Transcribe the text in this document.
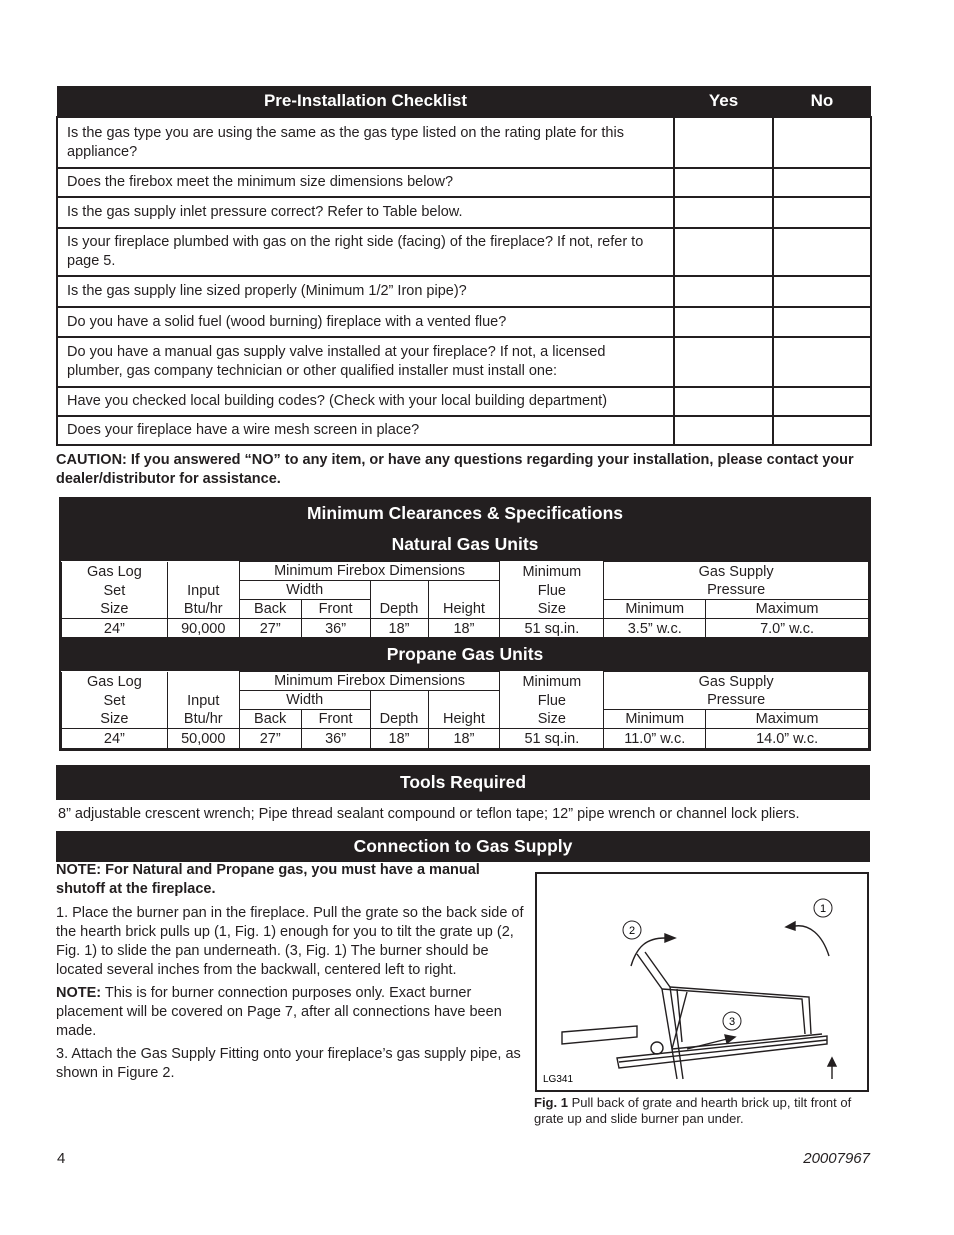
Pre-Installation Checklist	Yes	No
Is the gas type you are using the same as the gas type listed on the rating plate for this appliance?		
Does the firebox meet the minimum size dimensions below?		
Is the gas supply inlet pressure correct? Refer to Table below.		
Is your fireplace plumbed with gas on the right side (facing) of the fireplace? If not, refer to page 5.		
Is the gas supply line sized properly (Minimum 1/2” Iron pipe)?		
Do you have a solid fuel (wood burning) fireplace with a vented flue?		
Do you have a manual gas supply valve installed at your fireplace? If not, a licensed plumber, gas company technician or other qualified installer must install one:		
Have you checked local building codes? (Check with your local building department)		
Does your fireplace have a wire mesh screen in place?		
CAUTION: If you answered “NO” to any item, or have any questions regarding your installation, please contact your dealer/distributor for assistance.
Minimum Clearances & Specifications
Natural Gas Units
Gas Log		Minimum Firebox Dimensions				Minimum	Gas Supply	
Set	Input	Width				Flue	Pressure	
Size	Btu/hr	Back	Front	Depth	Height	Size	Minimum	Maximum
24”	90,000	27”	36”	18”	18”	51 sq.in.	3.5” w.c.	7.0” w.c.
Propane Gas Units
Gas Log		Minimum Firebox Dimensions				Minimum	Gas Supply	
Set	Input	Width				Flue	Pressure	
Size	Btu/hr	Back	Front	Depth	Height	Size	Minimum	Maximum
24”	50,000	27”	36”	18”	18”	51 sq.in.	11.0” w.c.	14.0” w.c.
Tools Required
8” adjustable crescent wrench; Pipe thread sealant compound or teflon tape; 12” pipe wrench or channel lock pliers.
Connection to Gas Supply

NOTE: For Natural and Propane gas, you must have a manual shutoff at the fireplace.

1. Place the burner pan in the fireplace. Pull the grate so the back side of the hearth brick pulls up (1, Fig. 1) enough for you to tilt the grate up (2, Fig. 1) to slide the pan underneath. (3, Fig. 1) The burner should be located several inches from the backwall, centered left to right.

NOTE: This is for burner connection purposes only. Exact burner placement will be covered on Page 7, after all connections have been made.

3. Attach the Gas Supply Fitting onto your fireplace’s gas supply pipe, as shown in Figure 2.

1
2
3
LG341
Fig. 1 Pull back of grate and hearth brick up, tilt front of grate up and slide burner pan under.
4	20007967
